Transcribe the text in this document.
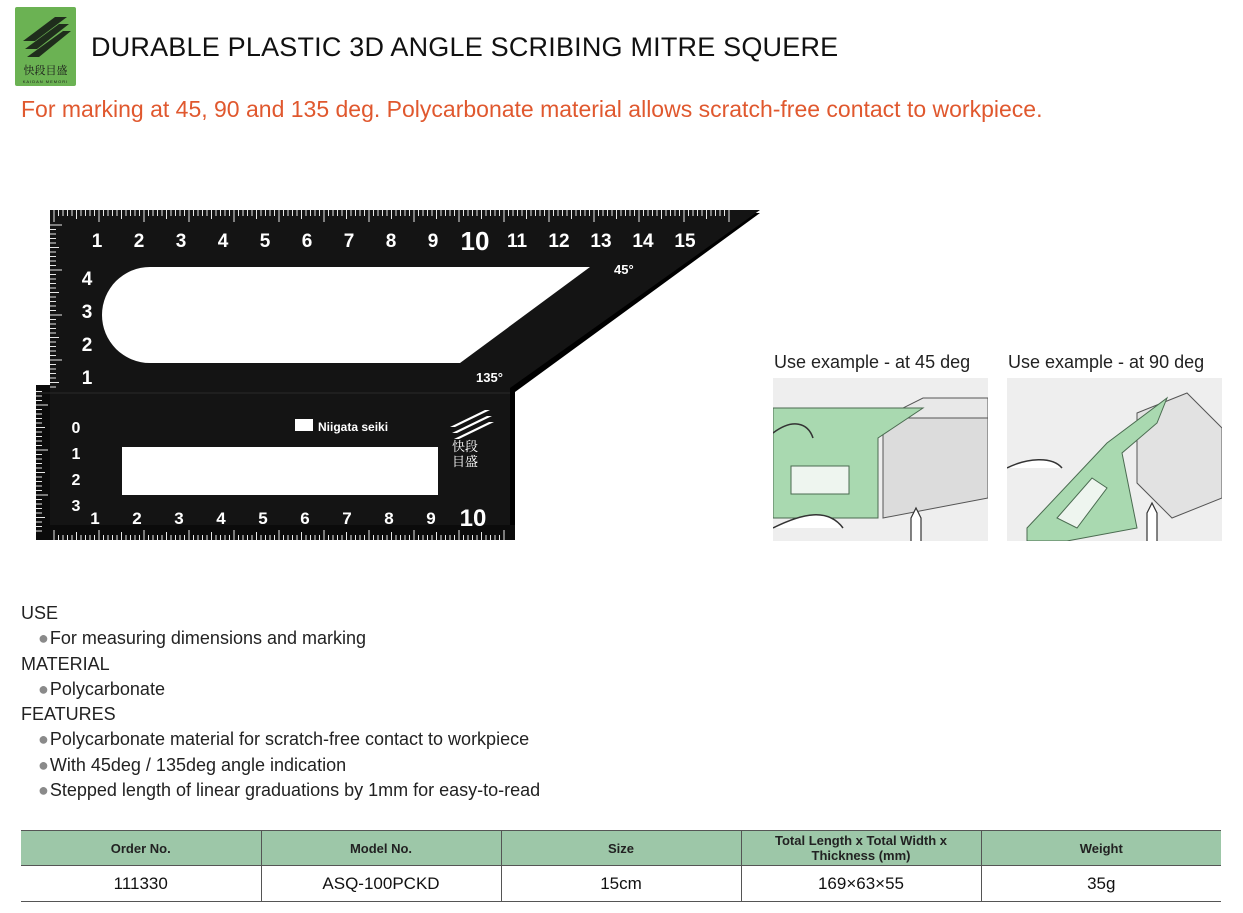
快段目盛
KAIDAN MEMORI
DURABLE PLASTIC 3D ANGLE SCRIBING MITRE SQUERE

For marking at 45, 90 and 135 deg. Polycarbonate material allows scratch-free contact to workpiece.

1 2 3 4 5 6 7 8 9 10 11 12 13 14 15
1 2 3 4 5 6 7 8 9 10
4
3
2
1
0
1
2
3
45°
135°
Niigata seiki
快段
目盛

Use example - at 45 deg Use example - at 90 deg

USE

●For measuring dimensions and marking

MATERIAL

●Polycarbonate

FEATURES

●Polycarbonate material for scratch-free contact to workpiece

●With 45deg / 135deg angle indication

●Stepped length of linear graduations by 1mm for easy-to-read

Order No.	Model No.	Size	Total Length x Total Width x Thickness (mm)	Weight
111330	ASQ-100PCKD	15cm	169×63×55	35g
